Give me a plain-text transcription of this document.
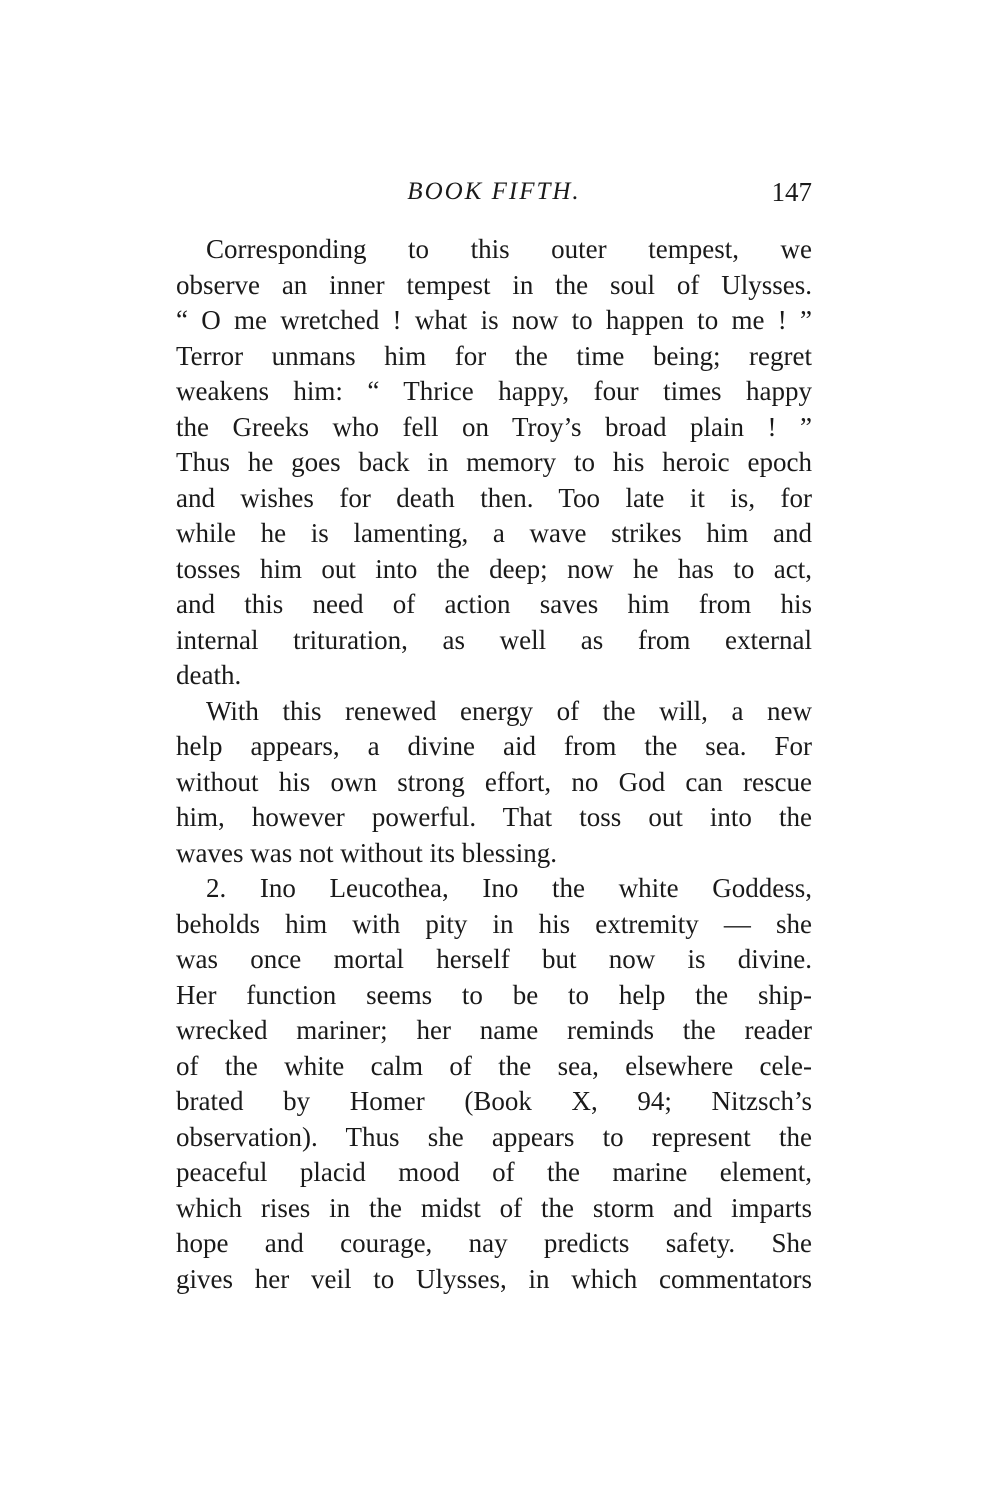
BOOK FIFTH.	147
Corresponding to this outer tempest, we
observe an inner tempest in the soul of Ulysses.
“ O me wretched ! what is now to happen to me ! ”
Terror unmans him for the time being; regret
weakens him: “ Thrice happy, four times happy
the Greeks who fell on Troy’s broad plain ! ”
Thus he goes back in memory to his heroic epoch
and wishes for death then. Too late it is, for
while he is lamenting, a wave strikes him and
tosses him out into the deep; now he has to act,
and this need of action saves him from his
internal trituration, as well as from external
death.
With this renewed energy of the will, a new
help appears, a divine aid from the sea. For
without his own strong effort, no God can rescue
him, however powerful. That toss out into the
waves was not without its blessing.
2. Ino Leucothea, Ino the white Goddess,
beholds him with pity in his extremity — she
was once mortal herself but now is divine.
Her function seems to be to help the ship-
wrecked mariner; her name reminds the reader
of the white calm of the sea, elsewhere cele-
brated by Homer (Book X, 94; Nitzsch’s
observation). Thus she appears to represent the
peaceful placid mood of the marine element,
which rises in the midst of the storm and imparts
hope and courage, nay predicts safety. She
gives her veil to Ulysses, in which commentators
